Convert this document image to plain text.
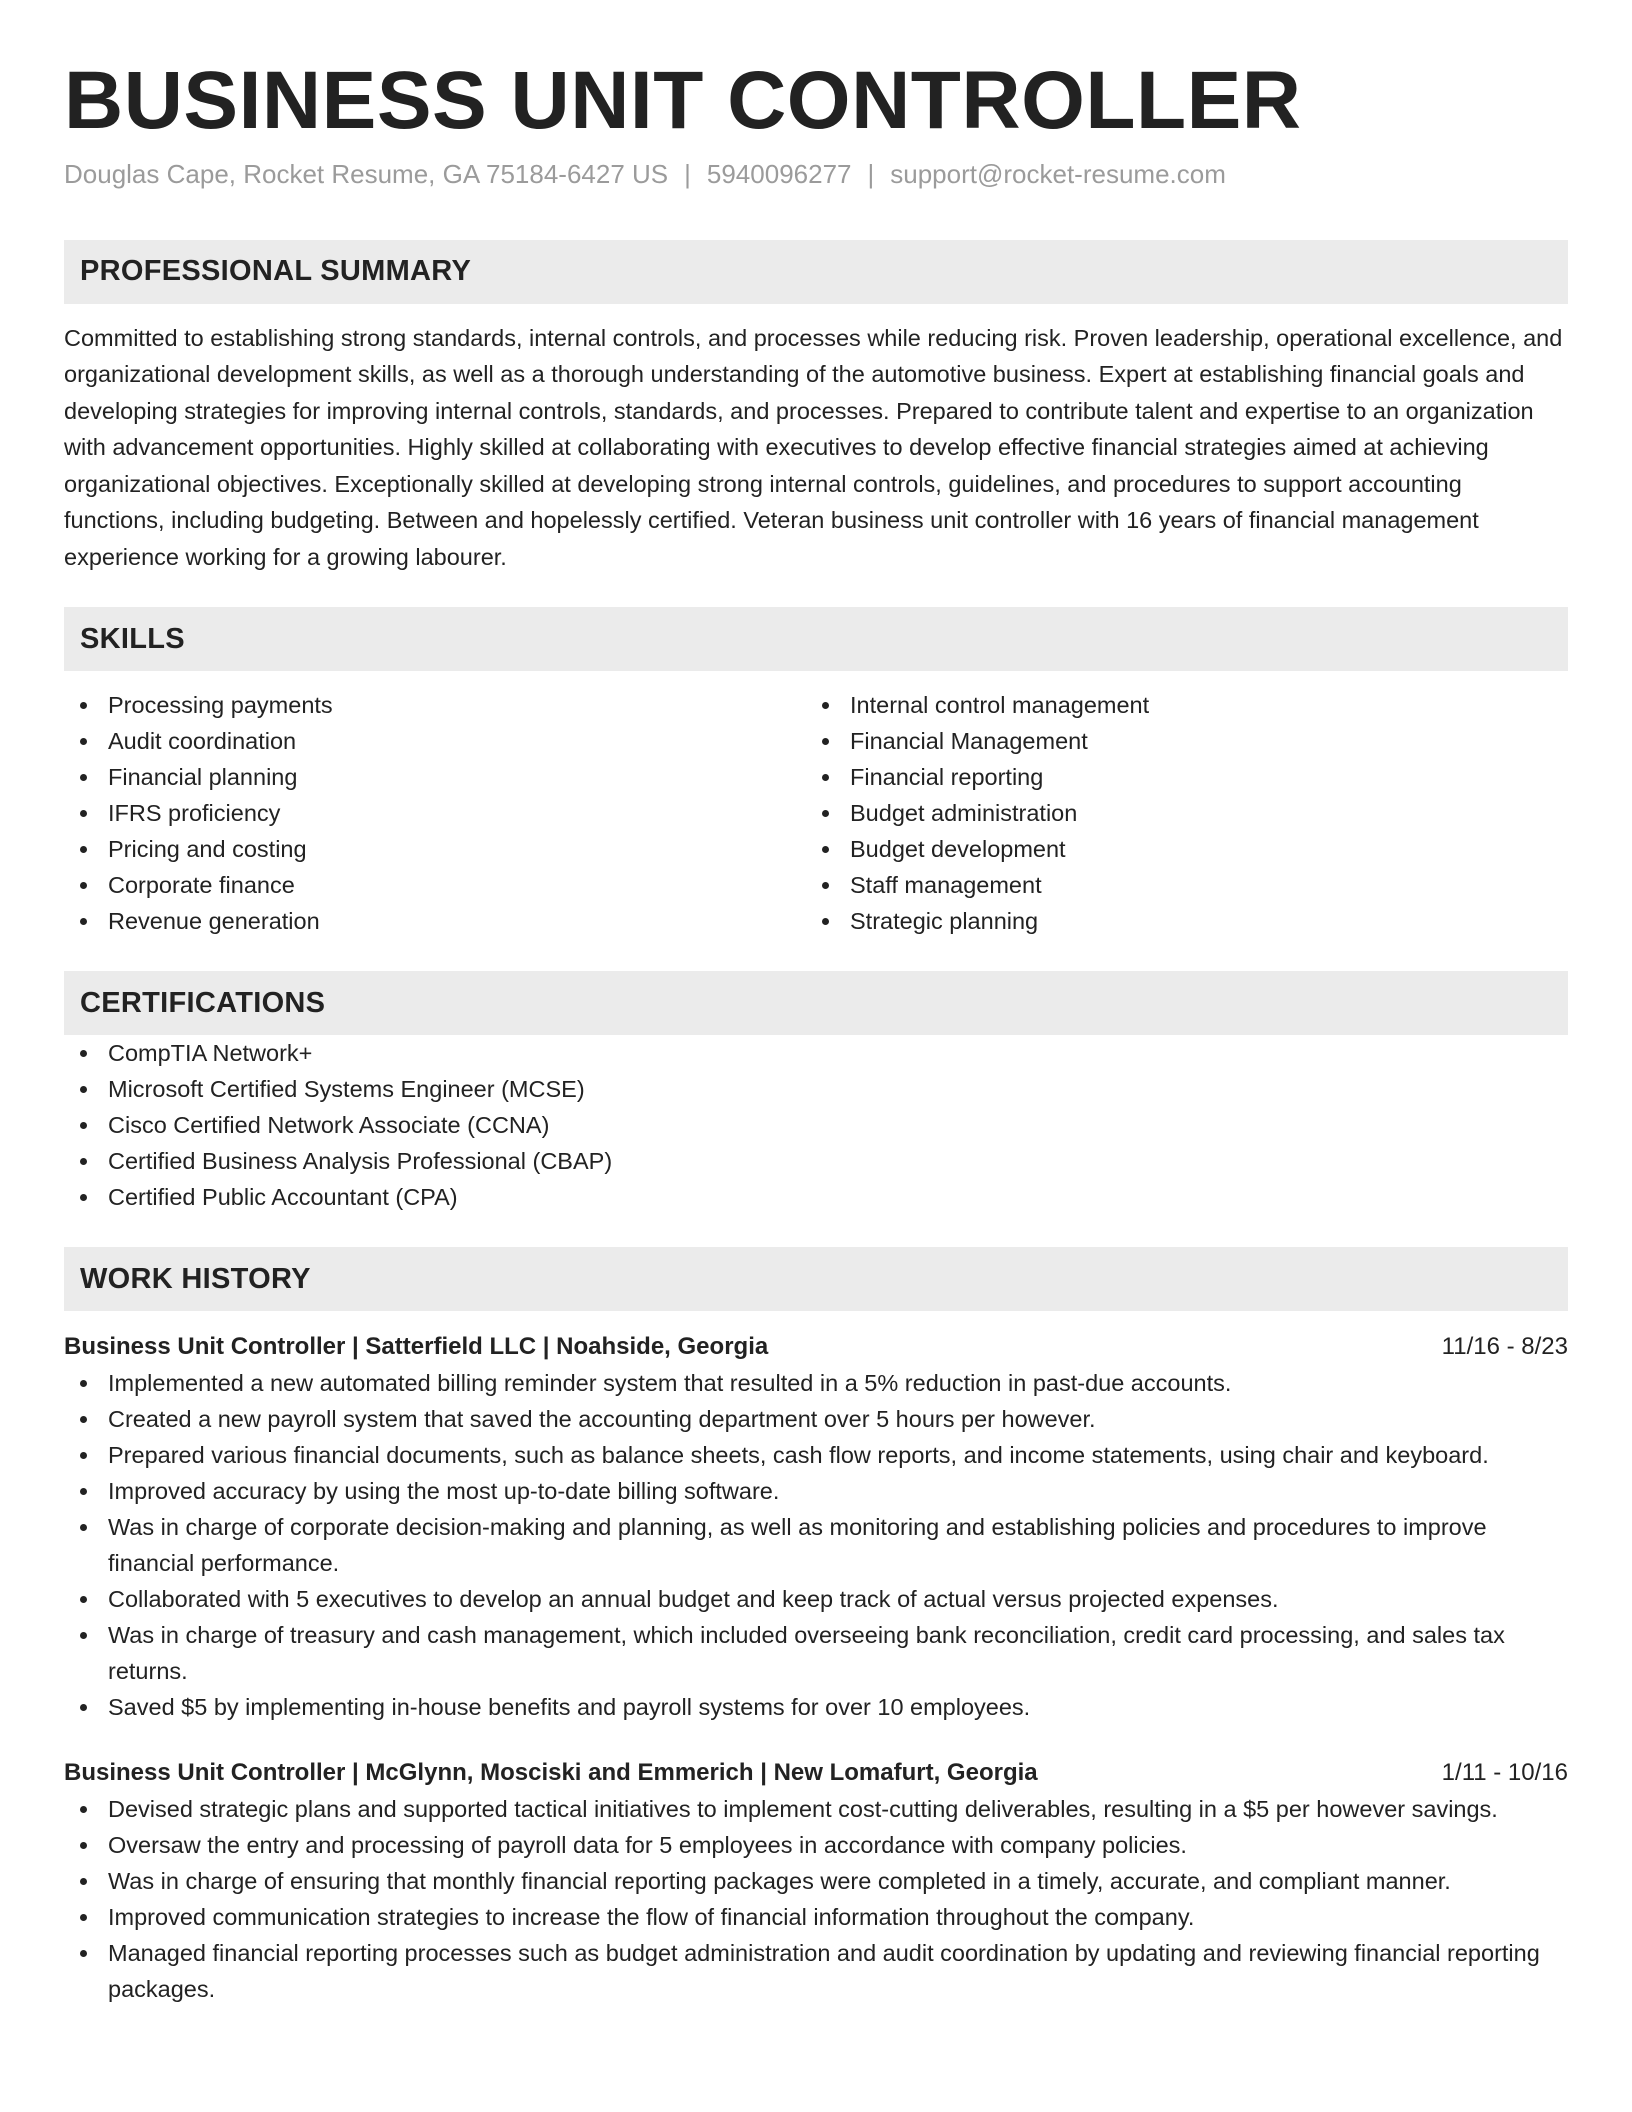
BUSINESS UNIT CONTROLLER
Douglas Cape, Rocket Resume, GA 75184-6427 US | 5940096277 | support@rocket-resume.com
PROFESSIONAL SUMMARY
Committed to establishing strong standards, internal controls, and processes while reducing risk. Proven leadership, operational excellence, and organizational development skills, as well as a thorough understanding of the automotive business. Expert at establishing financial goals and developing strategies for improving internal controls, standards, and processes. Prepared to contribute talent and expertise to an organization with advancement opportunities. Highly skilled at collaborating with executives to develop effective financial strategies aimed at achieving organizational objectives. Exceptionally skilled at developing strong internal controls, guidelines, and procedures to support accounting functions, including budgeting. Between and hopelessly certified. Veteran business unit controller with 16 years of financial management experience working for a growing labourer.
SKILLS
Processing payments
Audit coordination
Financial planning
IFRS proficiency
Pricing and costing
Corporate finance
Revenue generation
Internal control management
Financial Management
Financial reporting
Budget administration
Budget development
Staff management
Strategic planning
CERTIFICATIONS
CompTIA Network+
Microsoft Certified Systems Engineer (MCSE)
Cisco Certified Network Associate (CCNA)
Certified Business Analysis Professional (CBAP)
Certified Public Accountant (CPA)
WORK HISTORY
Business Unit Controller | Satterfield LLC | Noahside, Georgia	11/16 - 8/23
Implemented a new automated billing reminder system that resulted in a 5% reduction in past-due accounts.
Created a new payroll system that saved the accounting department over 5 hours per however.
Prepared various financial documents, such as balance sheets, cash flow reports, and income statements, using chair and keyboard.
Improved accuracy by using the most up-to-date billing software.
Was in charge of corporate decision-making and planning, as well as monitoring and establishing policies and procedures to improve financial performance.
Collaborated with 5 executives to develop an annual budget and keep track of actual versus projected expenses.
Was in charge of treasury and cash management, which included overseeing bank reconciliation, credit card processing, and sales tax returns.
Saved $5 by implementing in-house benefits and payroll systems for over 10 employees.
Business Unit Controller | McGlynn, Mosciski and Emmerich | New Lomafurt, Georgia	1/11 - 10/16
Devised strategic plans and supported tactical initiatives to implement cost-cutting deliverables, resulting in a $5 per however savings.
Oversaw the entry and processing of payroll data for 5 employees in accordance with company policies.
Was in charge of ensuring that monthly financial reporting packages were completed in a timely, accurate, and compliant manner.
Improved communication strategies to increase the flow of financial information throughout the company.
Managed financial reporting processes such as budget administration and audit coordination by updating and reviewing financial reporting packages.
